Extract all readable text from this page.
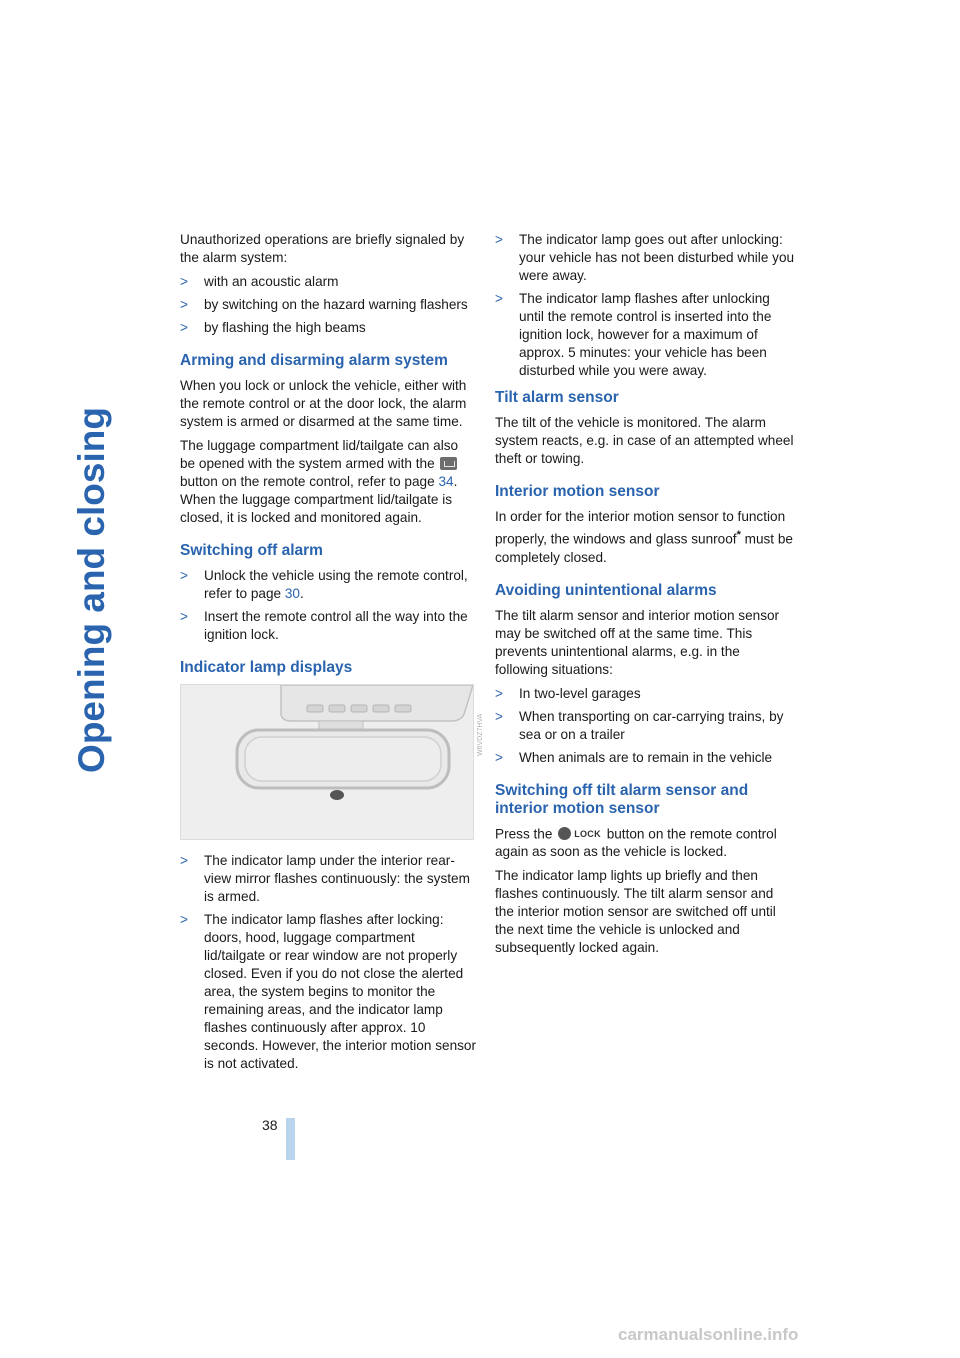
Opening and closing

Unauthorized operations are briefly signaled by the alarm system:

> with an acoustic alarm
> by switching on the hazard warning flashers
> by flashing the high beams
Arming and disarming alarm system

When you lock or unlock the vehicle, either with the remote control or at the door lock, the alarm system is armed or disarmed at the same time.

The luggage compartment lid/tailgate can also be opened with the system armed with the  button on the remote control, refer to page 34. When the luggage compartment lid/tailgate is closed, it is locked and monitored again.

Switching off alarm
> Unlock the vehicle using the remote control, refer to page 30.
> Insert the remote control all the way into the ignition lock.
Indicator lamp displays
> The indicator lamp under the interior rear-view mirror flashes continuously: the system is armed.
> The indicator lamp flashes after locking: doors, hood, luggage compartment lid/tailgate or rear window are not properly closed. Even if you do not close the alerted area, the system begins to monitor the remaining areas, and the indicator lamp flashes continuously after approx. 10 seconds. However, the interior motion sensor is not activated.
W6VDZ7HVA
> The indicator lamp goes out after unlocking: your vehicle has not been disturbed while you were away.
> The indicator lamp flashes after unlocking until the remote control is inserted into the ignition lock, however for a maximum of approx. 5 minutes: your vehicle has been disturbed while you were away.
Tilt alarm sensor

The tilt of the vehicle is monitored. The alarm system reacts, e.g. in case of an attempted wheel theft or towing.

Interior motion sensor

In order for the interior motion sensor to function properly, the windows and glass sunroof* must be completely closed.

Avoiding unintentional alarms

The tilt alarm sensor and interior motion sensor may be switched off at the same time. This prevents unintentional alarms, e.g. in the following situations:

> In two-level garages
> When transporting on car-carrying trains, by sea or on a trailer
> When animals are to remain in the vehicle
Switching off tilt alarm sensor and interior motion sensor

Press the LOCK button on the remote control again as soon as the vehicle is locked.

The indicator lamp lights up briefly and then flashes continuously. The tilt alarm sensor and the interior motion sensor are switched off until the next time the vehicle is unlocked and subsequently locked again.

38
carmanualsonline.info
